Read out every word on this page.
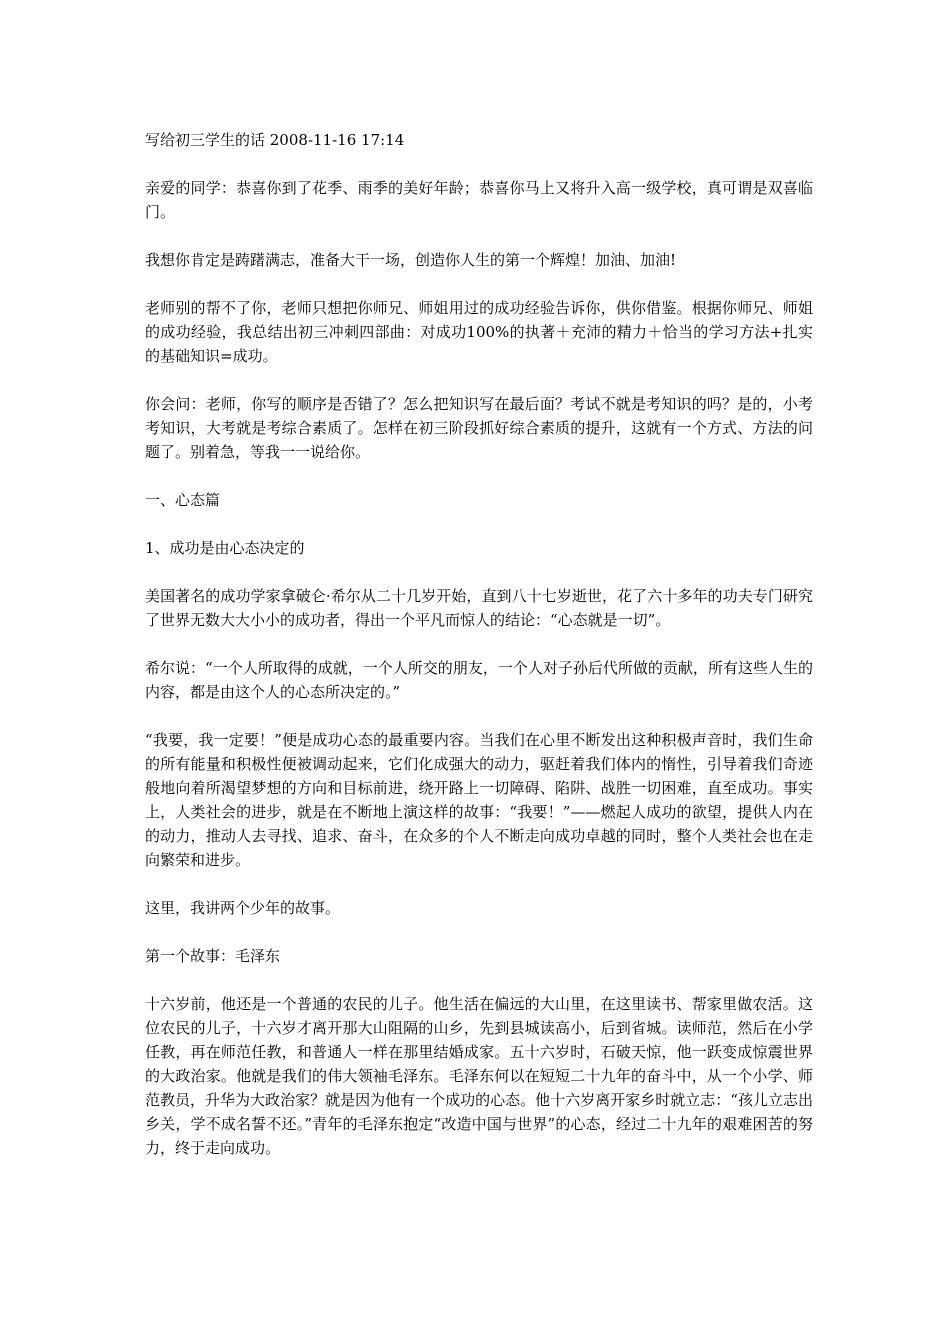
写给初三学生的话 2008-11-16 17:14

亲爱的同学：恭喜你到了花季、雨季的美好年龄；恭喜你马上又将升入高一级学校，真可谓是双喜临门。

我想你肯定是踌躇满志，准备大干一场，创造你人生的第一个辉煌！加油、加油!

老师别的帮不了你，老师只想把你师兄、师姐用过的成功经验告诉你，供你借鉴。根据你师兄、师姐的成功经验，我总结出初三冲刺四部曲：对成功100%的执著＋充沛的精力＋恰当的学习方法+扎实的基础知识=成功。

你会问：老师，你写的顺序是否错了？怎么把知识写在最后面？考试不就是考知识的吗？是的，小考考知识，大考就是考综合素质了。怎样在初三阶段抓好综合素质的提升，这就有一个方式、方法的问题了。别着急，等我一一说给你。

一、心态篇

1、成功是由心态决定的

美国著名的成功学家拿破仑·希尔从二十几岁开始，直到八十七岁逝世，花了六十多年的功夫专门研究了世界无数大大小小的成功者，得出一个平凡而惊人的结论：“心态就是一切”。

希尔说：“一个人所取得的成就，一个人所交的朋友，一个人对子孙后代所做的贡献，所有这些人生的内容，都是由这个人的心态所决定的。”

“我要，我一定要！”便是成功心态的最重要内容。当我们在心里不断发出这种积极声音时，我们生命的所有能量和积极性便被调动起来，它们化成强大的动力，驱赶着我们体内的惰性，引导着我们奇迹般地向着所渴望梦想的方向和目标前进，绕开路上一切障碍、陷阱、战胜一切困难，直至成功。事实上，人类社会的进步，就是在不断地上演这样的故事：“我要！”——燃起人成功的欲望，提供人内在的动力，推动人去寻找、追求、奋斗，在众多的个人不断走向成功卓越的同时，整个人类社会也在走向繁荣和进步。

这里，我讲两个少年的故事。

第一个故事：毛泽东

十六岁前，他还是一个普通的农民的儿子。他生活在偏远的大山里，在这里读书、帮家里做农活。这位农民的儿子，十六岁才离开那大山阻隔的山乡，先到县城读高小，后到省城。读师范，然后在小学任教，再在师范任教，和普通人一样在那里结婚成家。五十六岁时，石破天惊，他一跃变成惊震世界的大政治家。他就是我们的伟大领袖毛泽东。毛泽东何以在短短二十九年的奋斗中，从一个小学、师范教员，升华为大政治家？就是因为他有一个成功的心态。他十六岁离开家乡时就立志：“孩儿立志出乡关，学不成名誓不还。”青年的毛泽东抱定“改造中国与世界”的心态，经过二十九年的艰难困苦的努力，终于走向成功。
